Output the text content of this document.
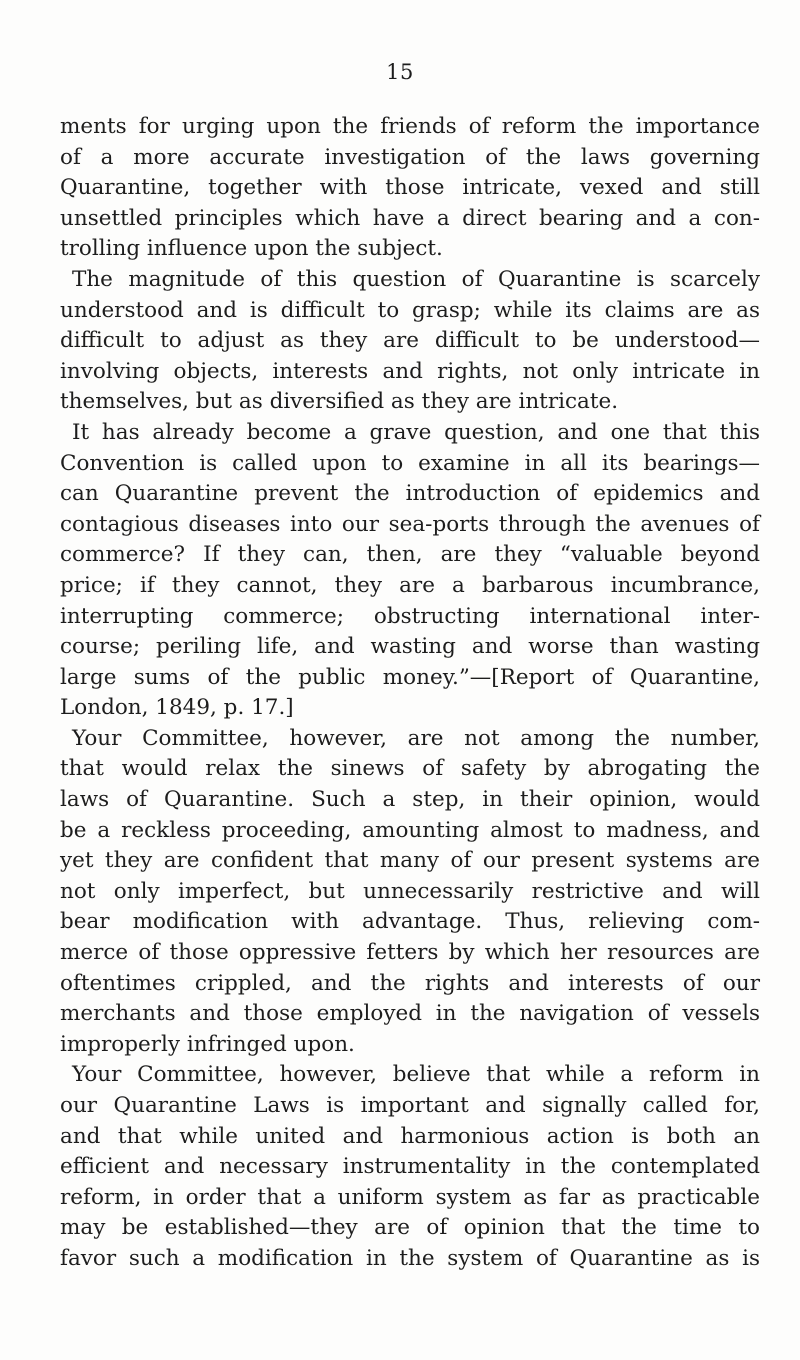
15
ments for urging upon the friends of reform the importance
of a more accurate investigation of the laws governing
Quarantine, together with those intricate, vexed and still
unsettled principles which have a direct bearing and a con-
trolling influence upon the subject.
The magnitude of this question of Quarantine is scarcely
understood and is difficult to grasp; while its claims are as
difficult to adjust as they are difficult to be understood—
involving objects, interests and rights, not only intricate in
themselves, but as diversified as they are intricate.
It has already become a grave question, and one that this
Convention is called upon to examine in all its bearings—
can Quarantine prevent the introduction of epidemics and
contagious diseases into our sea-ports through the avenues of
commerce? If they can, then, are they “valuable beyond
price; if they cannot, they are a barbarous incumbrance,
interrupting commerce; obstructing international inter-
course; periling life, and wasting and worse than wasting
large sums of the public money.”—[Report of Quarantine,
London, 1849, p. 17.]
Your Committee, however, are not among the number,
that would relax the sinews of safety by abrogating the
laws of Quarantine. Such a step, in their opinion, would
be a reckless proceeding, amounting almost to madness, and
yet they are confident that many of our present systems are
not only imperfect, but unnecessarily restrictive and will
bear modification with advantage. Thus, relieving com-
merce of those oppressive fetters by which her resources are
oftentimes crippled, and the rights and interests of our
merchants and those employed in the navigation of vessels
improperly infringed upon.
Your Committee, however, believe that while a reform in
our Quarantine Laws is important and signally called for,
and that while united and harmonious action is both an
efficient and necessary instrumentality in the contemplated
reform, in order that a uniform system as far as practicable
may be established—they are of opinion that the time to
favor such a modification in the system of Quarantine as is
